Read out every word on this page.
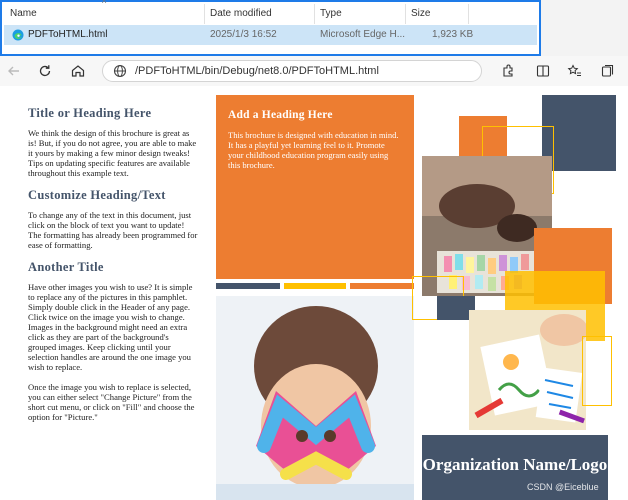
^
Name	Date modified	Type	Size
PDFToHTML.html	2025/1/3 16:52	Microsoft Edge H...	1,923 KB
/PDFToHTML/bin/Debug/net8.0/PDFToHTML.html
Title or Heading Here

We think the design of this brochure is great as is! But, if you do not agree, you are able to make it yours by making a few minor design tweaks! Tips on updating specific features are available throughout this example text.

Customize Heading/Text

To change any of the text in this document, just click on the block of text you want to update! The formatting has already been programmed for ease of formatting.

Another Title

Have other images you wish to use? It is simple to replace any of the pictures in this pamphlet. Simply double click in the Header of any page. Click twice on the image you wish to change. Images in the background might need an extra click as they are part of the background's grouped images. Keep clicking until your selection handles are around the one image you wish to replace.

Once the image you wish to replace is selected, you can either select "Change Picture" from the short cut menu, or click on "Fill" and choose the option for "Picture."

Add a Heading Here

This brochure is designed with education in mind. It has a playful yet learning feel to it. Promote your childhood education program easily using this brochure.

Organization Name/Logo
CSDN @Eiceblue
